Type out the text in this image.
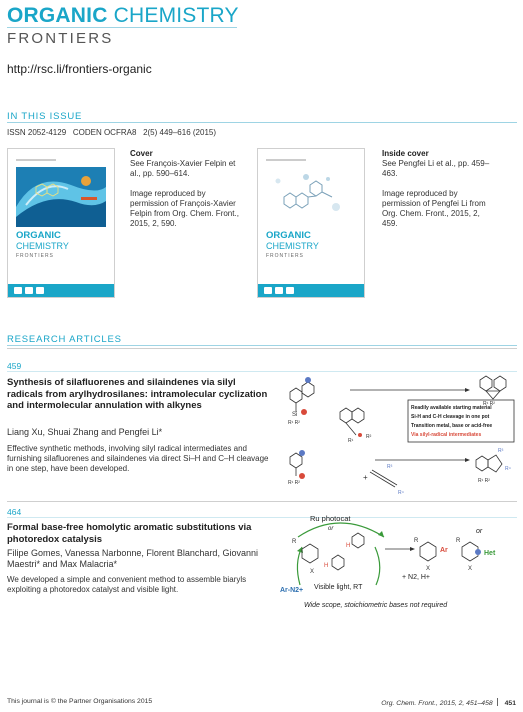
ORGANIC CHEMISTRY
FRONTIERS
http://rsc.li/frontiers-organic
IN THIS ISSUE
ISSN 2052-4129 CODEN OCFRA8 2(5) 449–616 (2015)
ORGANIC
CHEMISTRY
FRONTIERS

Cover
See François-Xavier Felpin et al., pp. 590–614.

Image reproduced by permission of François-Xavier Felpin from Org. Chem. Front., 2015, 2, 590.

ORGANIC
CHEMISTRY
FRONTIERS

Inside cover
See Pengfei Li et al., pp. 459–463.

Image reproduced by permission of Pengfei Li from Org. Chem. Front., 2015, 2, 459.

RESEARCH ARTICLES
459
Synthesis of silafluorenes and silaindenes via silyl radicals from arylhydrosilanes: intramolecular cyclization and intermolecular annulation with alkynes
Liang Xu, Shuai Zhang and Pengfei Li*
Effective synthetic methods, involving silyl radical intermediates and furnishing silafluorenes and silaindenes via direct Si–H and C–H cleavage in one step, have been developed.
Si
R¹ R²
R¹ R²
R¹
R²
R¹ R²
+
R³
R⁴
R³
R⁴
R¹ R²
Readily available starting material
Si-H and C-H cleavage in one pot
Transition metal, base or acid-free
Via silyl-radical intermediates
464
Formal base-free homolytic aromatic substitutions via photoredox catalysis
Filipe Gomes, Vanessa Narbonne, Florent Blanchard, Giovanni Maestri* and Max Malacria*
We developed a simple and convenient method to assemble biaryls exploiting a photoredox catalyst and visible light.
Ru photocat
or	or
R
X
H
H
R
X
Ar
R
X
Het
Visible light, RT
Ar-N2+
+ N2, H+
Wide scope, stoichiometric bases not required
This journal is © the Partner Organisations 2015	Org. Chem. Front., 2015, 2, 451–458 451
